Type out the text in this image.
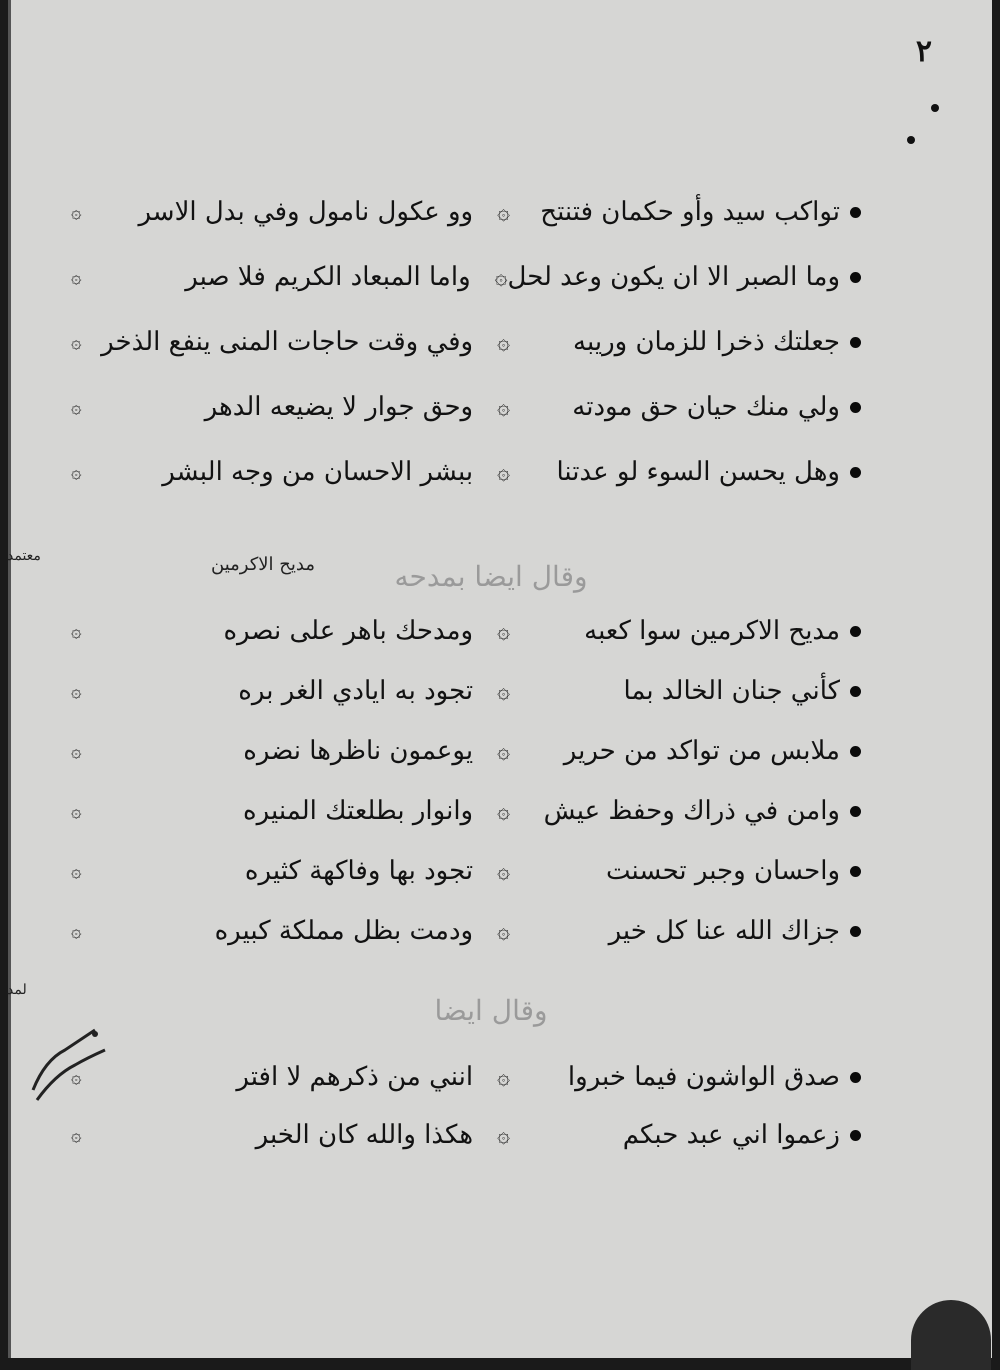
٢
تواكب سيد وأو حكمان فتنتح
۞
وو عكول نامول وفي بدل الاسر
۞
وما الصبر الا ان يكون وعد لحل
۞
واما المبعاد الكريم فلا صبر
۞
جعلتك ذخرا للزمان وريبه
۞
وفي وقت حاجات المنى ينفع الذخر
۞
ولي منك حيان حق مودته
۞
وحق جوار لا يضيعه الدهر
۞
وهل يحسن السوء لو عدتنا
۞
ببشر الاحسان من وجه البشر
۞
وقال ايضا بمدحه
مديح الاكرمين
مديح الاكرمين سوا كعبه
۞
ومدحك باهر على نصره
۞
كأني جنان الخالد بما
۞
تجود به ايادي الغر بره
۞
ملابس من تواكد من حرير
۞
يوعمون ناظرها نضره
۞
وامن في ذراك وحفظ عيش
۞
وانوار بطلعتك المنيره
۞
واحسان وجبر تحسنت
۞
تجود بها وفاكهة كثيره
۞
جزاك الله عنا كل خير
۞
ودمت بظل مملكة كبيره
۞
وقال ايضا
صدق الواشون فيما خبروا
۞
انني من ذكرهم لا افتر
۞
زعموا اني عبد حبكم
۞
هكذا والله كان الخبر
۞
معتمد
لمد
